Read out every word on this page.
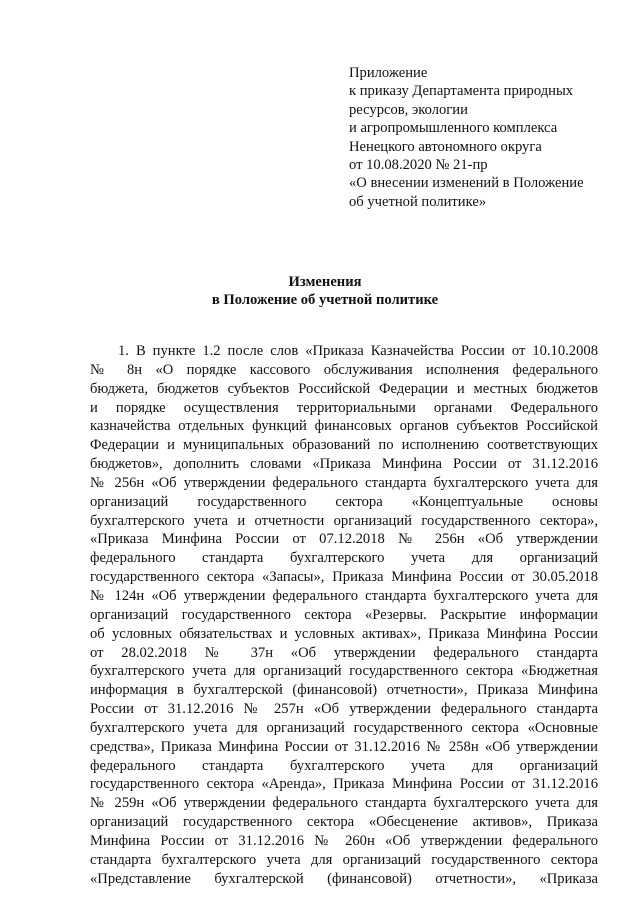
Приложение
к приказу Департамента природных
ресурсов, экологии
и агропромышленного комплекса
Ненецкого автономного округа
от 10.08.2020 № 21-пр
«О внесении изменений в Положение
об учетной политике»
Изменения
в Положение об учетной политике
1. В пункте 1.2 после слов «Приказа Казначейства России от 10.10.2008
№ 8н «О порядке кассового обслуживания исполнения федерального
бюджета, бюджетов субъектов Российской Федерации и местных бюджетов
и порядке осуществления территориальными органами Федерального
казначейства отдельных функций финансовых органов субъектов Российской
Федерации и муниципальных образований по исполнению соответствующих
бюджетов», дополнить словами «Приказа Минфина России от 31.12.2016
№ 256н «Об утверждении федерального стандарта бухгалтерского учета для
организаций государственного сектора «Концептуальные основы
бухгалтерского учета и отчетности организаций государственного сектора»,
«Приказа Минфина России от 07.12.2018 № 256н «Об утверждении
федерального стандарта бухгалтерского учета для организаций
государственного сектора «Запасы», Приказа Минфина России от 30.05.2018
№ 124н «Об утверждении федерального стандарта бухгалтерского учета для
организаций государственного сектора «Резервы. Раскрытие информации
об условных обязательствах и условных активах», Приказа Минфина России
от 28.02.2018 № 37н «Об утверждении федерального стандарта
бухгалтерского учета для организаций государственного сектора «Бюджетная
информация в бухгалтерской (финансовой) отчетности», Приказа Минфина
России от 31.12.2016 № 257н «Об утверждении федерального стандарта
бухгалтерского учета для организаций государственного сектора «Основные
средства», Приказа Минфина России от 31.12.2016 № 258н «Об утверждении
федерального стандарта бухгалтерского учета для организаций
государственного сектора «Аренда», Приказа Минфина России от 31.12.2016
№ 259н «Об утверждении федерального стандарта бухгалтерского учета для
организаций государственного сектора «Обесценение активов», Приказа
Минфина России от 31.12.2016 № 260н «Об утверждении федерального
стандарта бухгалтерского учета для организаций государственного сектора
«Представление бухгалтерской (финансовой) отчетности», «Приказа
